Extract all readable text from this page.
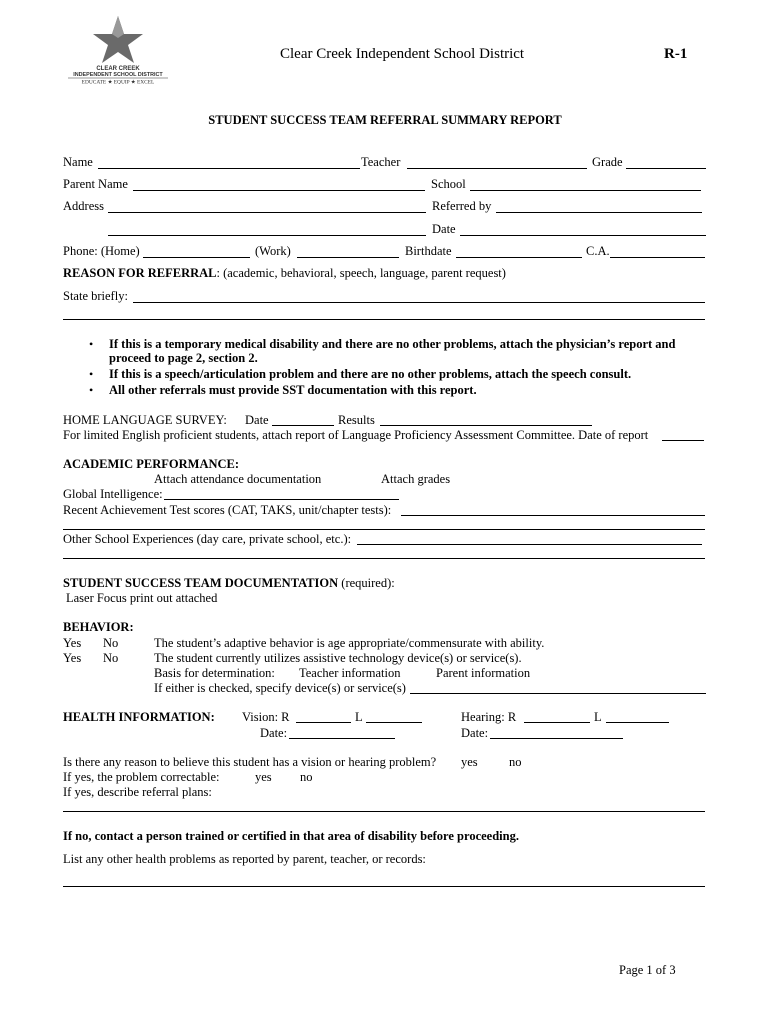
CLEAR CREEK
INDEPENDENT SCHOOL DISTRICT
EDUCATE ★ EQUIP ★ EXCEL
Clear Creek Independent School District	R-1
STUDENT SUCCESS TEAM REFERRAL SUMMARY REPORT
Name	Teacher	Grade
Parent Name	School
Address	Referred by
Date
Phone: (Home)	(Work)	Birthdate	C.A.
REASON FOR REFERRAL: (academic, behavioral, speech, language, parent request)
State briefly:
• If this is a temporary medical disability and there are no other problems, attach the physician’s report and
proceed to page 2, section 2.
• If this is a speech/articulation problem and there are no other problems, attach the speech consult.
• All other referrals must provide SST documentation with this report.
HOME LANGUAGE SURVEY: Date	Results
For limited English proficient students, attach report of Language Proficiency Assessment Committee. Date of report
ACADEMIC PERFORMANCE:
Attach attendance documentation	Attach grades
Global Intelligence:
Recent Achievement Test scores (CAT, TAKS, unit/chapter tests):
Other School Experiences (day care, private school, etc.):
STUDENT SUCCESS TEAM DOCUMENTATION (required):
Laser Focus print out attached
BEHAVIOR:
Yes No	The student’s adaptive behavior is age appropriate/commensurate with ability.
Yes No	The student currently utilizes assistive technology device(s) or service(s).
Basis for determination: Teacher information	Parent information
If either is checked, specify device(s) or service(s)
HEALTH INFORMATION: Vision: R	L	Hearing: R	L
Date:	Date:
Is there any reason to believe this student has a vision or hearing problem? yes	no
If yes, the problem correctable:	yes no
If yes, describe referral plans:
If no, contact a person trained or certified in that area of disability before proceeding.
List any other health problems as reported by parent, teacher, or records:
Page 1 of 3
